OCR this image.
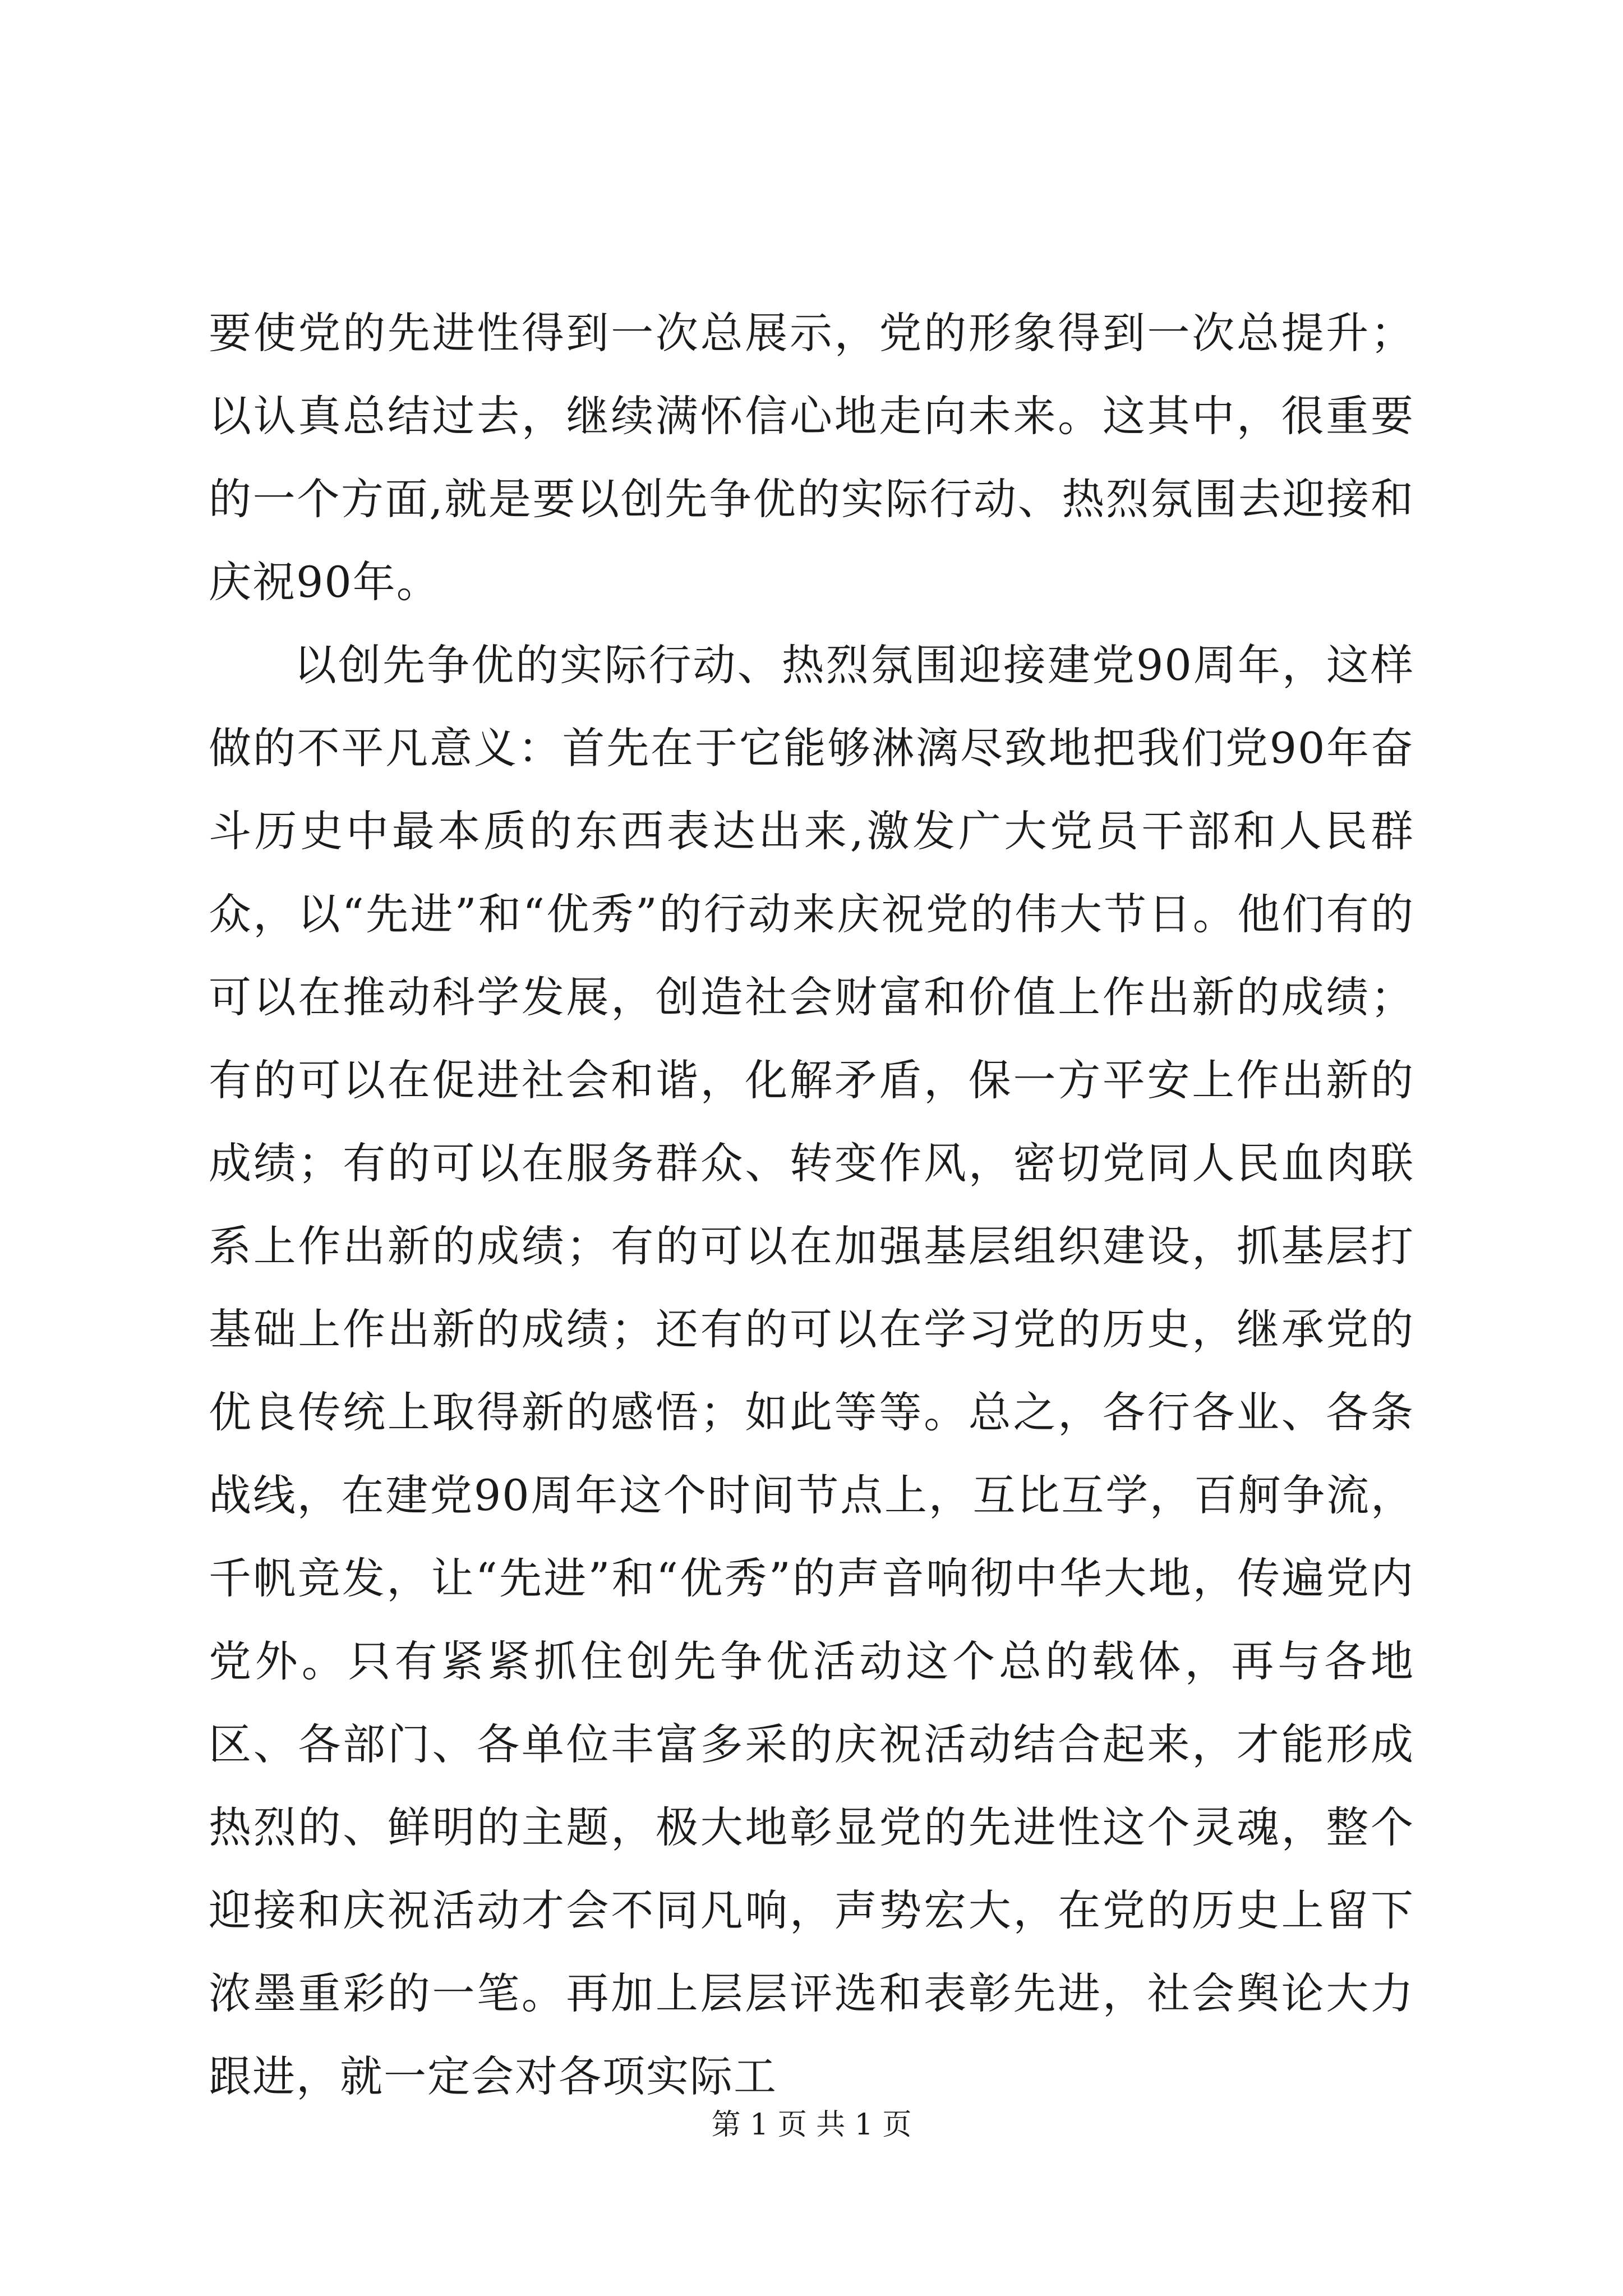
要使党的先进性得到一次总展示，党的形象得到一次总提升；以认真总结过去，继续满怀信心地走向未来。这其中，很重要的一个方面,就是要以创先争优的实际行动、热烈氛围去迎接和庆祝90年。

以创先争优的实际行动、热烈氛围迎接建党90周年，这样做的不平凡意义：首先在于它能够淋漓尽致地把我们党90年奋斗历史中最本质的东西表达出来,激发广大党员干部和人民群众，以“先进”和“优秀”的行动来庆祝党的伟大节日。他们有的可以在推动科学发展，创造社会财富和价值上作出新的成绩；有的可以在促进社会和谐，化解矛盾，保一方平安上作出新的成绩；有的可以在服务群众、转变作风，密切党同人民血肉联系上作出新的成绩；有的可以在加强基层组织建设，抓基层打基础上作出新的成绩；还有的可以在学习党的历史，继承党的优良传统上取得新的感悟；如此等等。总之，各行各业、各条战线，在建党90周年这个时间节点上，互比互学，百舸争流，千帆竞发，让“先进”和“优秀”的声音响彻中华大地，传遍党内党外。只有紧紧抓住创先争优活动这个总的载体，再与各地区、各部门、各单位丰富多采的庆祝活动结合起来，才能形成热烈的、鲜明的主题，极大地彰显党的先进性这个灵魂，整个迎接和庆祝活动才会不同凡响，声势宏大，在党的历史上留下浓墨重彩的一笔。再加上层层评选和表彰先进，社会舆论大力跟进，就一定会对各项实际工

第 1 页 共 1 页
